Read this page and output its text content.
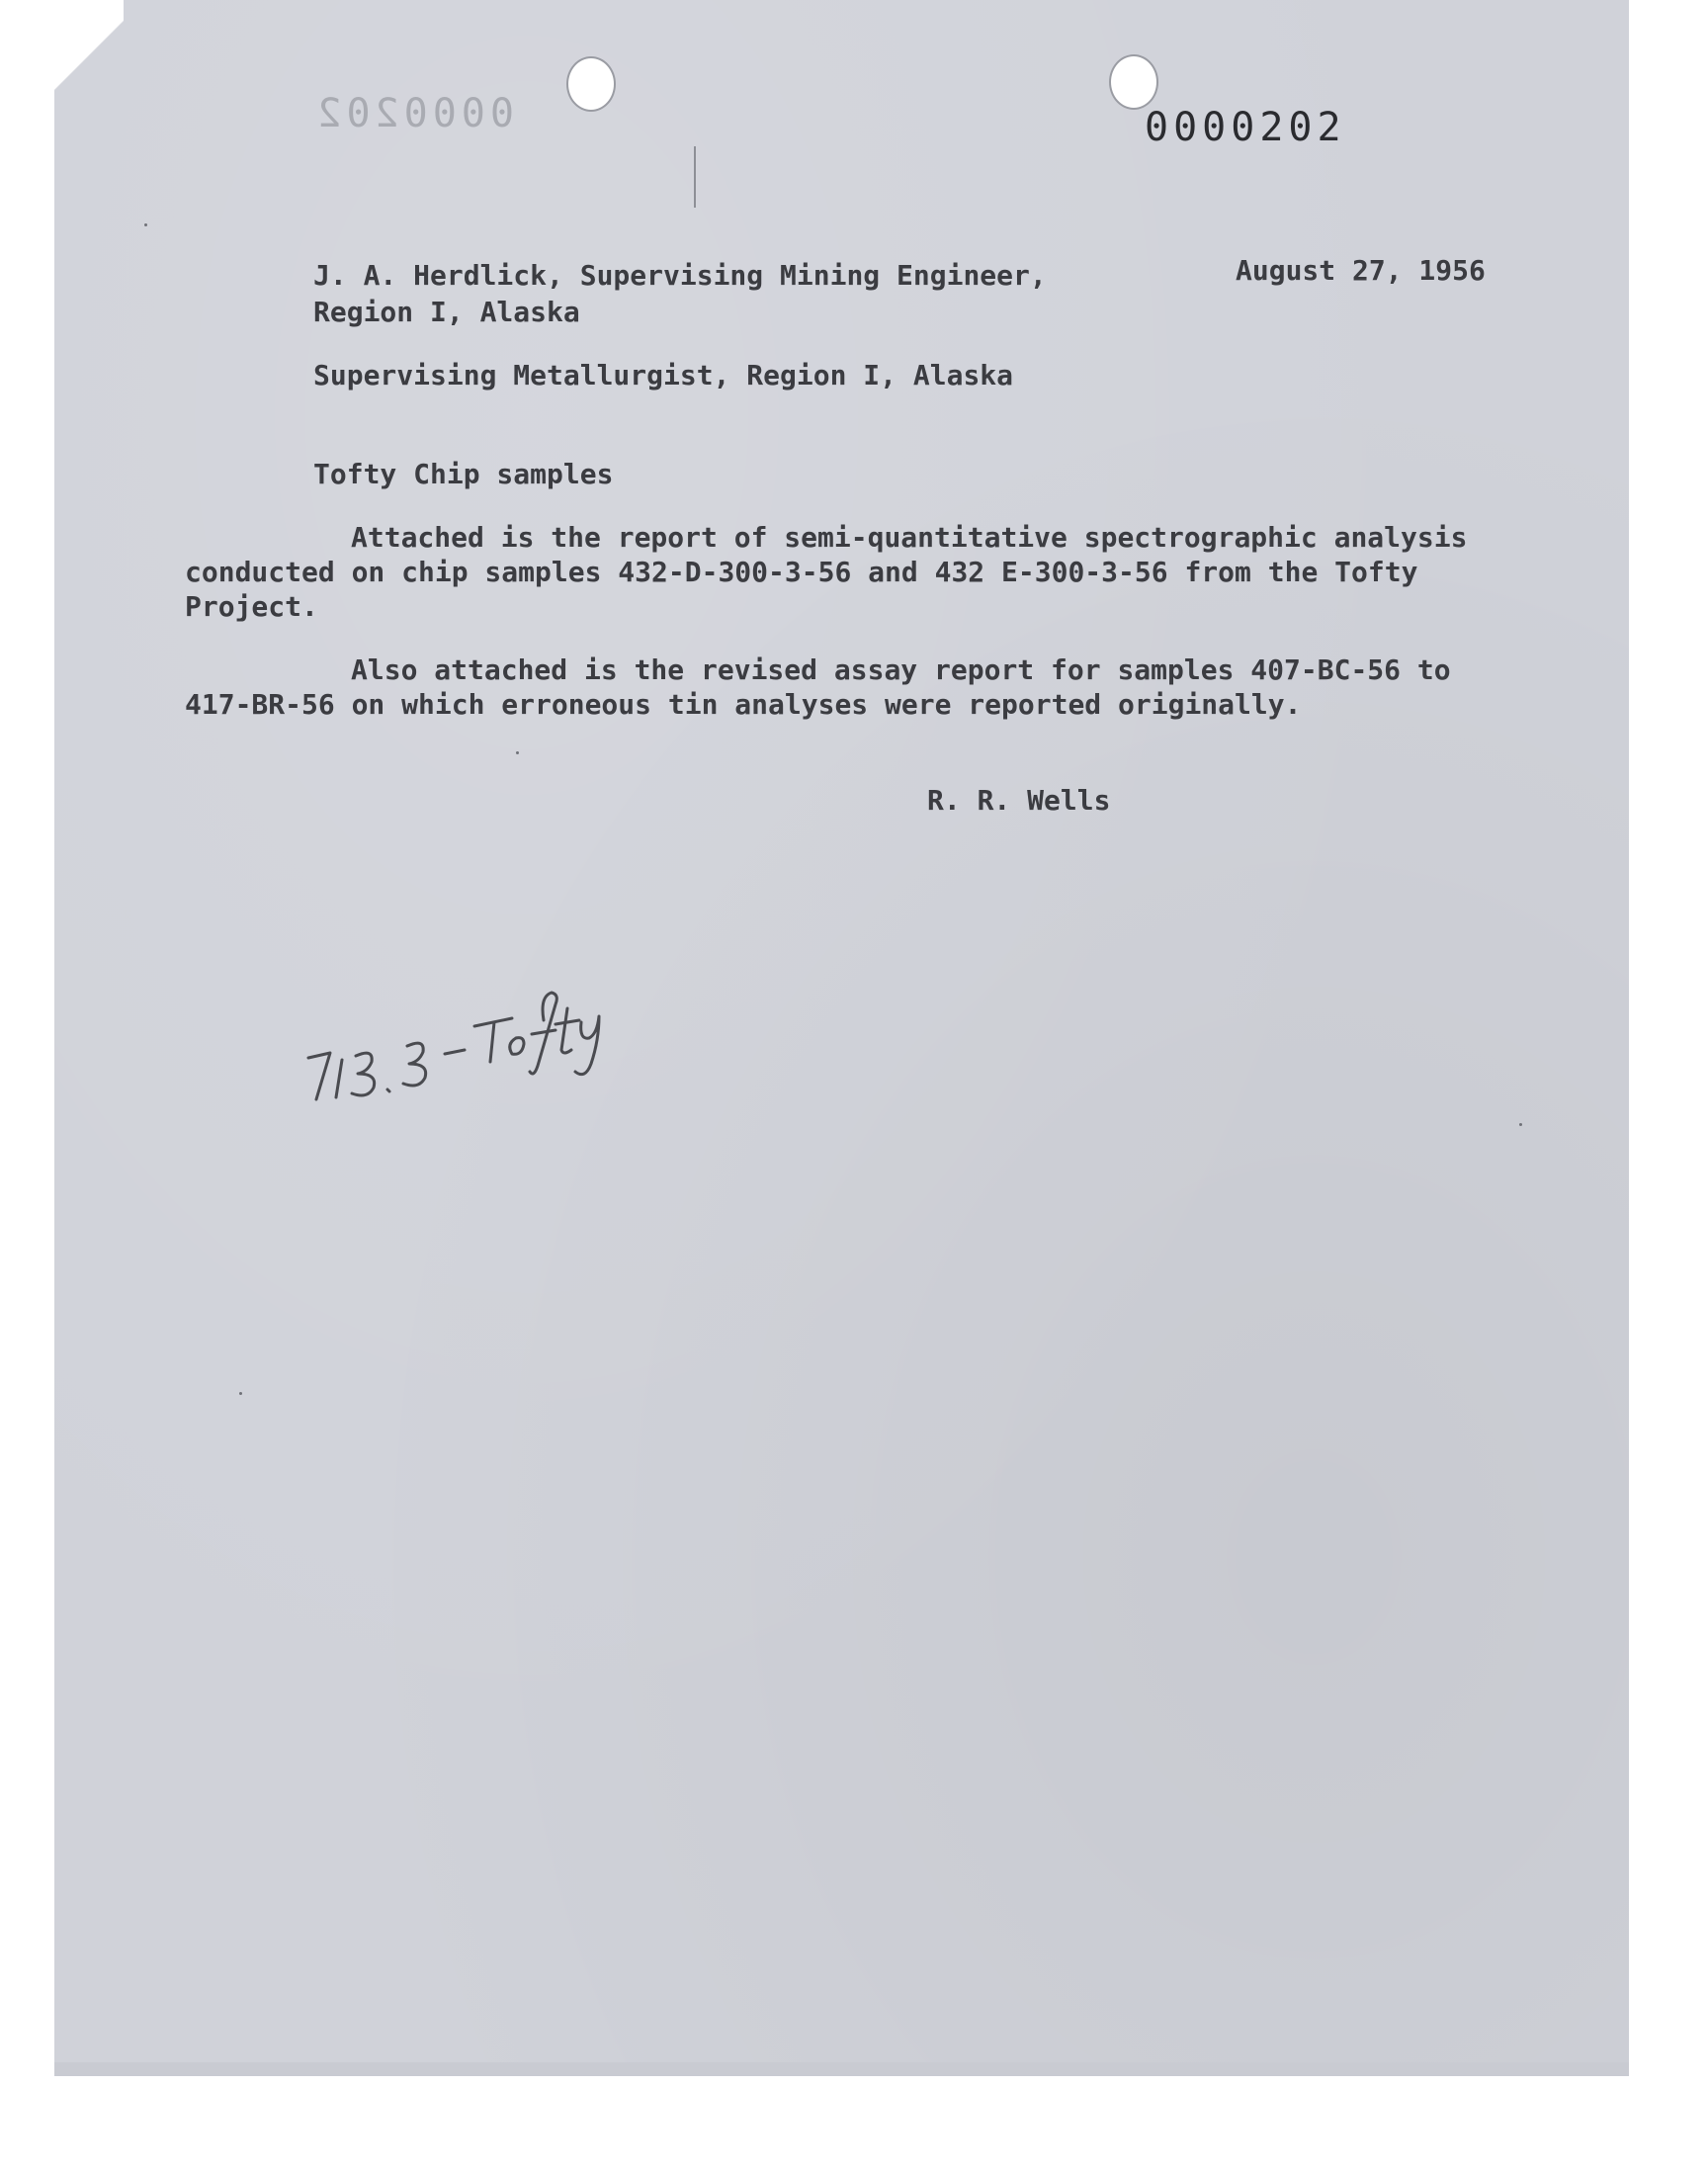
0000202	0000202

J. A. Herdlick, Supervising Mining Engineer,

Region I, Alaska

August 27, 1956

Supervising Metallurgist, Region I, Alaska

Tofty Chip samples

Attached is the report of semi-quantitative spectrographic analysis

conducted on chip samples 432-D-300-3-56 and 432 E-300-3-56 from the Tofty

Project.

Also attached is the revised assay report for samples 407-BC-56 to

417-BR-56 on which erroneous tin analyses were reported originally.

R. R. Wells
